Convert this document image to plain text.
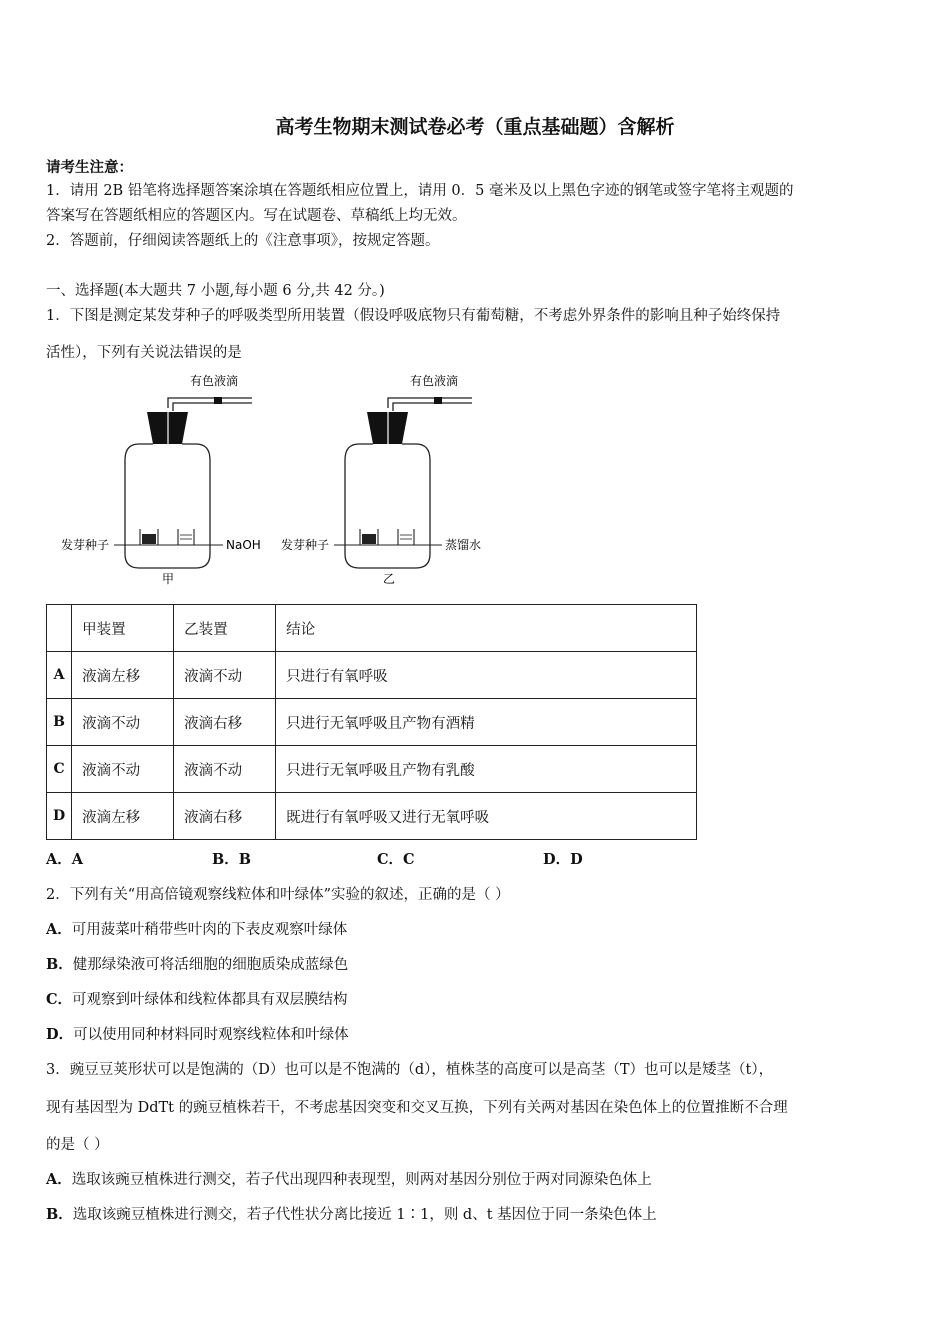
高考生物期末测试卷必考（重点基础题）含解析
请考生注意：
1．请用 2B 铅笔将选择题答案涂填在答题纸相应位置上，请用 0．5 毫米及以上黑色字迹的钢笔或签字笔将主观题的
答案写在答题纸相应的答题区内。写在试题卷、草稿纸上均无效。
2．答题前，仔细阅读答题纸上的《注意事项》，按规定答题。
一、选择题(本大题共 7 小题,每小题 6 分,共 42 分。)
1．下图是测定某发芽种子的呼吸类型所用装置（假设呼吸底物只有葡萄糖，不考虑外界条件的影响且种子始终保持
活性），下列有关说法错误的是
有色液滴
发芽种子	NaOH
甲
有色液滴
发芽种子	蒸馏水
乙
	甲装置	乙装置	结论
A	液滴左移	液滴不动	只进行有氧呼吸
B	液滴不动	液滴右移	只进行无氧呼吸且产物有酒精
C	液滴不动	液滴不动	只进行无氧呼吸且产物有乳酸
D	液滴左移	液滴右移	既进行有氧呼吸又进行无氧呼吸
A．A	B．B	C．C	D．D
2．下列有关“用高倍镜观察线粒体和叶绿体”实验的叙述，正确的是（ ）
A．可用菠菜叶稍带些叶肉的下表皮观察叶绿体
B．健那绿染液可将活细胞的细胞质染成蓝绿色
C．可观察到叶绿体和线粒体都具有双层膜结构
D．可以使用同种材料同时观察线粒体和叶绿体
3．豌豆豆荚形状可以是饱满的（D）也可以是不饱满的（d），植株茎的高度可以是高茎（T）也可以是矮茎（t），
现有基因型为 DdTt 的豌豆植株若干，不考虑基因突变和交叉互换，下列有关两对基因在染色体上的位置推断不合理
的是（ ）
A．选取该豌豆植株进行测交，若子代出现四种表现型，则两对基因分别位于两对同源染色体上
B．选取该豌豆植株进行测交，若子代性状分离比接近 1∶1，则 d、t 基因位于同一条染色体上
